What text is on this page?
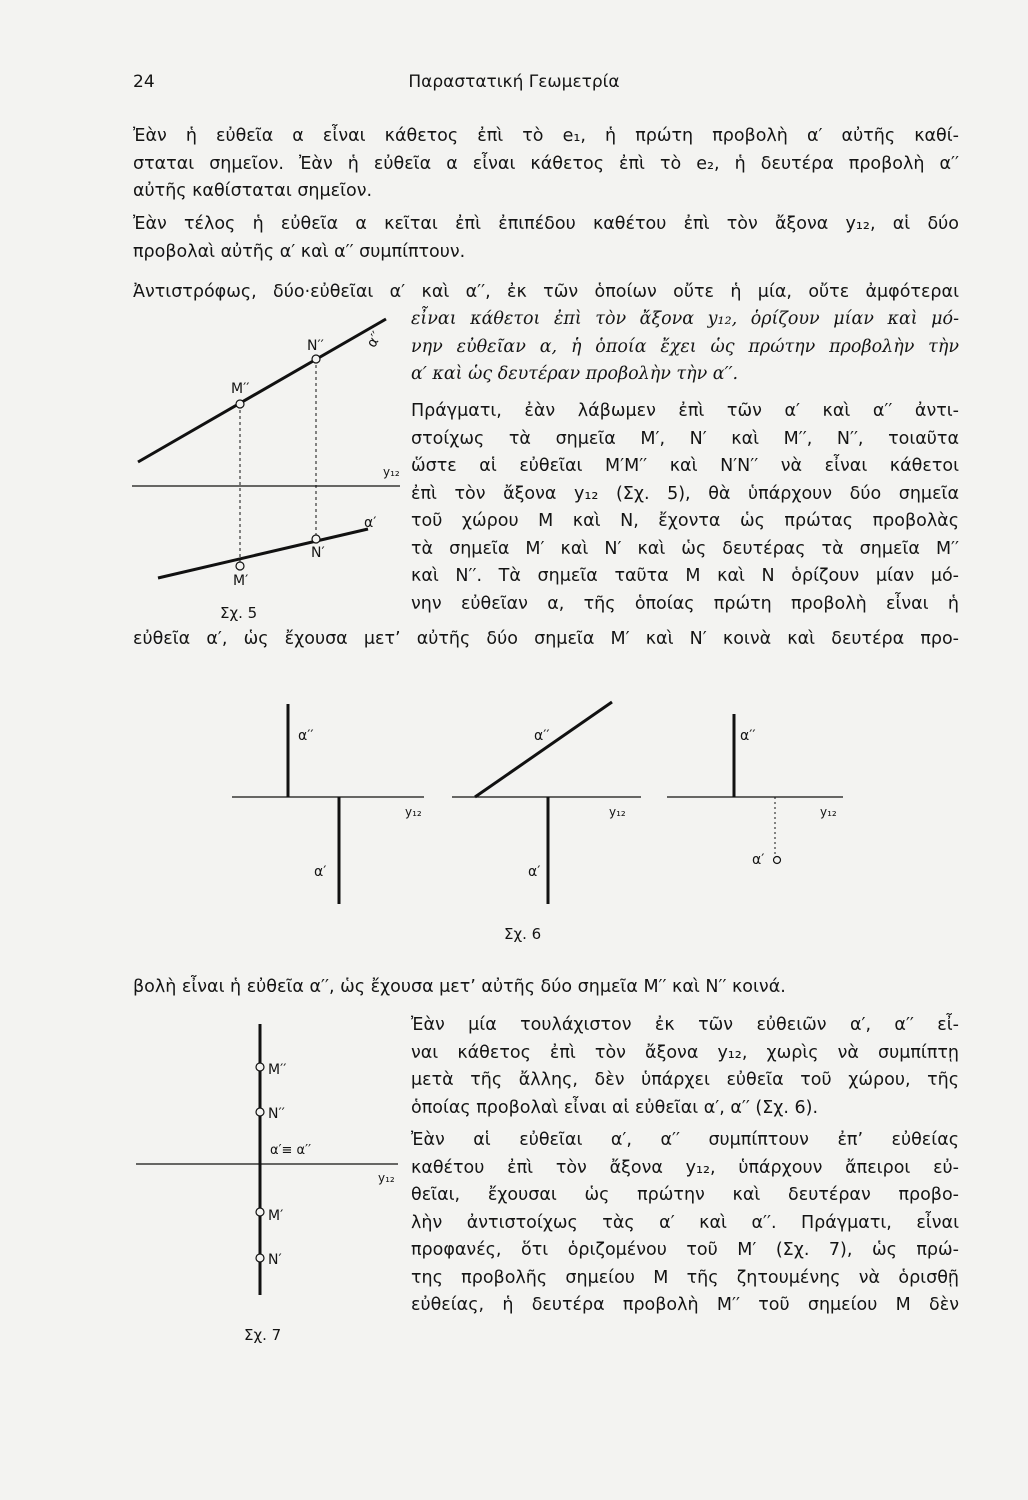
24	Παραστατική Γεωμετρία
Ἐὰν ἡ εὐθεῖα α εἶναι κάθετος ἐπὶ τὸ e₁, ἡ πρώτη προβολὴ α′ αὐτῆς καθί-
σταται σημεῖον. Ἐὰν ἡ εὐθεῖα α εἶναι κάθετος ἐπὶ τὸ e₂, ἡ δευτέρα προβολὴ α′′
αὐτῆς καθίσταται σημεῖον.
Ἐὰν τέλος ἡ εὐθεῖα α κεῖται ἐπὶ ἐπιπέδου καθέτου ἐπὶ τὸν ἄξονα y₁₂, αἱ δύο
προβολαὶ αὐτῆς α′ καὶ α′′ συμπίπτουν.
Ἀντιστρόφως, δύο·εὐθεῖαι α′ καὶ α′′, ἐκ τῶν ὁποίων οὔτε ἡ μία, οὔτε ἀμφότεραι
εἶναι κάθετοι ἐπὶ τὸν ἄξονα y₁₂, ὁρίζουν μίαν καὶ μό-
νην εὐθεῖαν α, ἡ ὁποία ἔχει ὡς πρώτην προβολὴν τὴν
α′ καὶ ὡς δευτέραν προβολὴν τὴν α′′.
Πράγματι, ἐὰν λάβωμεν ἐπὶ τῶν α′ καὶ α′′ ἀντι-
στοίχως τὰ σημεῖα M′, N′ καὶ M′′, N′′, τοιαῦτα
ὥστε αἱ εὐθεῖαι M′M′′ καὶ N′N′′ νὰ εἶναι κάθετοι
ἐπὶ τὸν ἄξονα y₁₂ (Σχ. 5), θὰ ὑπάρχουν δύο σημεῖα
τοῦ χώρου M καὶ N, ἔχοντα ὡς πρώτας προβολὰς
τὰ σημεῖα M′ καὶ N′ καὶ ὡς δευτέρας τὰ σημεῖα M′′
καὶ N′′. Τὰ σημεῖα ταῦτα M καὶ N ὁρίζουν μίαν μό-
νην εὐθεῖαν α, τῆς ὁποίας πρώτη προβολὴ εἶναι ἡ
εὐθεῖα α′, ὡς ἔχουσα μετ’ αὐτῆς δύο σημεῖα M′ καὶ N′ κοινὰ καὶ δευτέρα προ-
M′′
N′′	α′′
y₁₂
α′
N′
M′
Σχ. 5
α′′
y₁₂
α′
α′′
y₁₂
α′
α′′
y₁₂
α′
Σχ. 6
βολὴ εἶναι ἡ εὐθεῖα α′′, ὡς ἔχουσα μετ’ αὐτῆς δύο σημεῖα M′′ καὶ N′′ κοινά.
Ἐὰν μία τουλάχιστον ἐκ τῶν εὐθειῶν α′, α′′ εἶ-
ναι κάθετος ἐπὶ τὸν ἄξονα y₁₂, χωρὶς νὰ συμπίπτῃ
μετὰ τῆς ἄλλης, δὲν ὑπάρχει εὐθεῖα τοῦ χώρου, τῆς
ὁποίας προβολαὶ εἶναι αἱ εὐθεῖαι α′, α′′ (Σχ. 6).
Ἐὰν αἱ εὐθεῖαι α′, α′′ συμπίπτουν ἐπ’ εὐθείας
καθέτου ἐπὶ τὸν ἄξονα y₁₂, ὑπάρχουν ἄπειροι εὐ-
θεῖαι, ἔχουσαι ὡς πρώτην καὶ δευτέραν προβο-
λὴν ἀντιστοίχως τὰς α′ καὶ α′′. Πράγματι, εἶναι
προφανές, ὅτι ὁριζομένου τοῦ M′ (Σχ. 7), ὡς πρώ-
της προβολῆς σημείου M τῆς ζητουμένης νὰ ὁρισθῇ
εὐθείας, ἡ δευτέρα προβολὴ M′′ τοῦ σημείου M δὲν
M′′
N′′
α′≡ α′′
y₁₂
M′
N′
Σχ. 7
